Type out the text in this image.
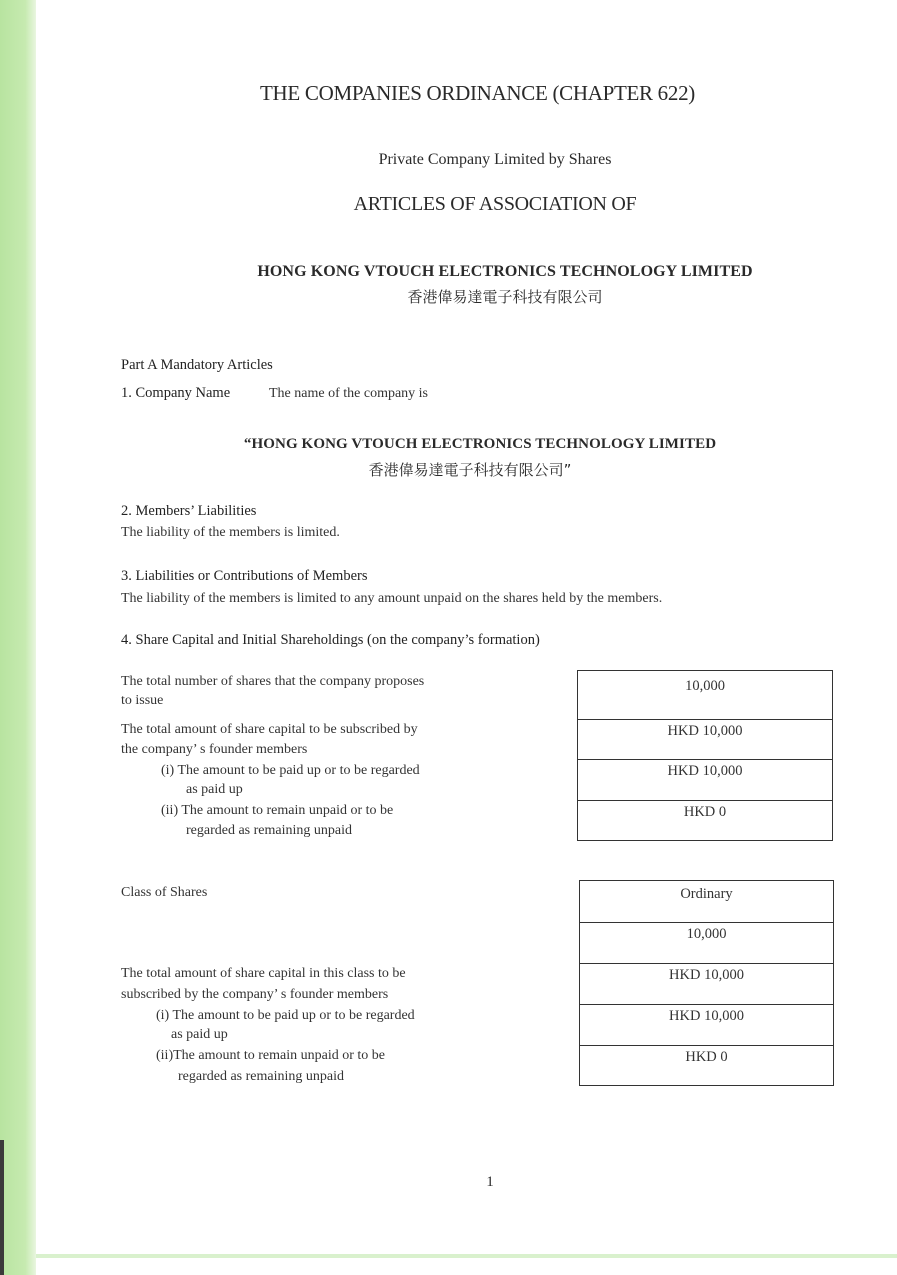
THE COMPANIES ORDINANCE (CHAPTER 622)
Private Company Limited by Shares
ARTICLES OF ASSOCIATION OF
HONG KONG VTOUCH ELECTRONICS TECHNOLOGY LIMITED
香港偉易達電子科技有限公司
Part A Mandatory Articles
1. Company Name	The name of the company is
“HONG KONG VTOUCH ELECTRONICS TECHNOLOGY LIMITED
香港偉易達電子科技有限公司”
2. Members’ Liabilities
The liability of the members is limited.
3. Liabilities or Contributions of Members
The liability of the members is limited to any amount unpaid on the shares held by the members.
4. Share Capital and Initial Shareholdings (on the company’s formation)
The total number of shares that the company proposes
to issue
The total amount of share capital to be subscribed by
the company’ s founder members
(i) The amount to be paid up or to be regarded
as paid up
(ii) The amount to remain unpaid or to be
regarded as remaining unpaid
10,000
HKD 10,000
HKD 10,000
HKD 0
Class of Shares
The total amount of share capital in this class to be
subscribed by the company’ s founder members
(i) The amount to be paid up or to be regarded
as paid up
(ii)The amount to remain unpaid or to be
regarded as remaining unpaid
Ordinary
10,000
HKD 10,000
HKD 10,000
HKD 0
1
